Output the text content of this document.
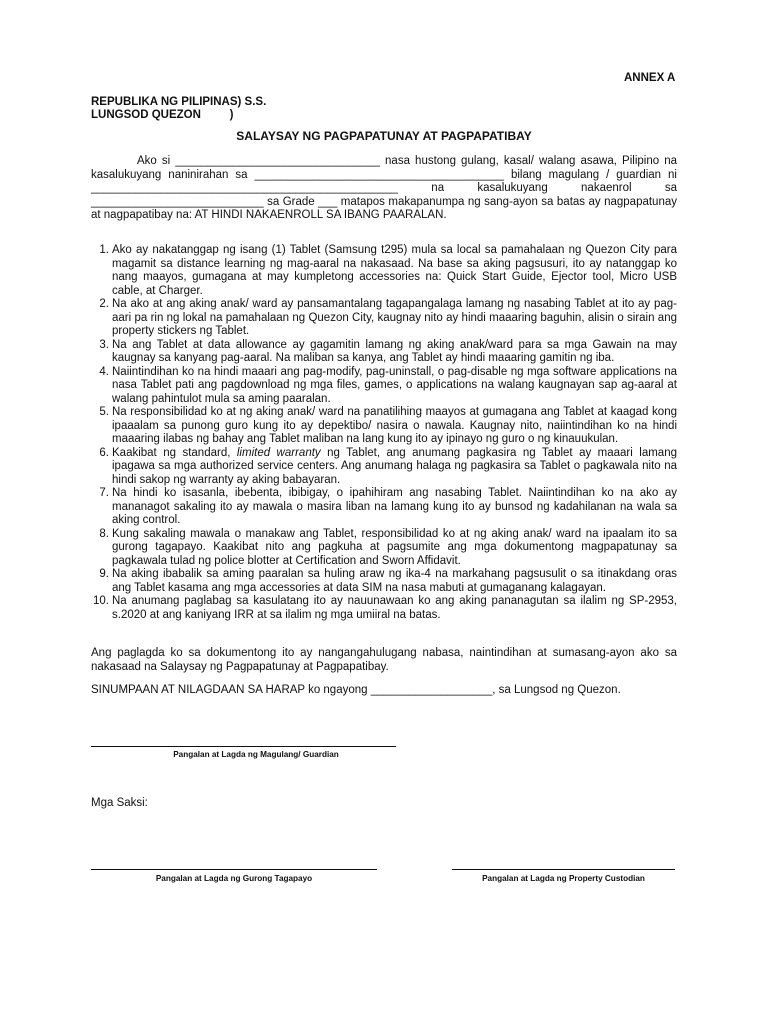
ANNEX A
REPUBLIKA NG PILIPINAS) S.S.
LUNGSOD QUEZON         )
SALAYSAY NG PAGPAPATUNAY AT PAGPAPATIBAY
Ako si ________________________________ nasa hustong gulang, kasal/ walang asawa, Pilipino na kasalukuyang naninirahan sa _______________________________________ bilang magulang / guardian ni ________________________________________________ na kasalukuyang nakaenrol sa ___________________________ sa Grade ___ matapos makapanumpa ng sang-ayon sa batas ay nagpapatunay at nagpapatibay na: AT HINDI NAKAENROLL SA IBANG PAARALAN.
1. Ako ay nakatanggap ng isang (1) Tablet (Samsung t295) mula sa local sa pamahalaan ng Quezon City para magamit sa distance learning ng mag-aaral na nakasaad. Na base sa aking pagsusuri, ito ay natanggap ko nang maayos, gumagana at may kumpletong accessories na: Quick Start Guide, Ejector tool, Micro USB cable, at Charger.
2. Na ako at ang aking anak/ ward ay pansamantalang tagapangalaga lamang ng nasabing Tablet at ito ay pag-aari pa rin ng lokal na pamahalaan ng Quezon City, kaugnay nito ay hindi maaaring baguhin, alisin o sirain ang property stickers ng Tablet.
3. Na ang Tablet at data allowance ay gagamitin lamang ng aking anak/ward para sa mga Gawain na may kaugnay sa kanyang pag-aaral. Na maliban sa kanya, ang Tablet ay hindi maaaring gamitin ng iba.
4. Naiintindihan ko na hindi maaari ang pag-modify, pag-uninstall, o pag-disable ng mga software applications na nasa Tablet pati ang pagdownload ng mga files, games, o applications na walang kaugnayan sap ag-aaral at walang pahintulot mula sa aming paaralan.
5. Na responsibilidad ko at ng aking anak/ ward na panatilihing maayos at gumagana ang Tablet at kaagad kong ipaaalam sa punong guro kung ito ay depektibo/ nasira o nawala. Kaugnay nito, naiintindihan ko na hindi maaaring ilabas ng bahay ang Tablet maliban na lang kung ito ay ipinayo ng guro o ng kinauukulan.
6. Kaakibat ng standard, limited warranty ng Tablet, ang anumang pagkasira ng Tablet ay maaari lamang ipagawa sa mga authorized service centers. Ang anumang halaga ng pagkasira sa Tablet o pagkawala nito na hindi sakop ng warranty ay aking babayaran.
7. Na hindi ko isasanla, ibebenta, ibibigay, o ipahihiram ang nasabing Tablet. Naiintindihan ko na ako ay mananagot sakaling ito ay mawala o masira liban na lamang kung ito ay bunsod ng kadahilanan na wala sa aking control.
8. Kung sakaling mawala o manakaw ang Tablet, responsibilidad ko at ng aking anak/ ward na ipaalam ito sa gurong tagapayo. Kaakibat nito ang pagkuha at pagsumite ang mga dokumentong magpapatunay sa pagkawala tulad ng police blotter at Certification and Sworn Affidavit.
9. Na aking ibabalik sa aming paaralan sa huling araw ng ika-4 na markahang pagsusulit o sa itinakdang oras ang Tablet kasama ang mga accessories at data SIM na nasa mabuti at gumaganang kalagayan.
10. Na anumang paglabag sa kasulatang ito ay nauunawaan ko ang aking pananagutan sa ilalim ng SP-2953, s.2020 at ang kaniyang IRR at sa ilalim ng mga umiiral na batas.
Ang paglagda ko sa dokumentong ito ay nangangahulugang nabasa, naintindihan at sumasang-ayon ako sa nakasaad na Salaysay ng Pagpapatunay at Pagpapatibay.
SINUMPAAN AT NILAGDAAN SA HARAP ko ngayong ___________________, sa Lungsod ng Quezon.
Pangalan at Lagda ng Magulang/ Guardian
Mga Saksi:
Pangalan at Lagda ng Gurong Tagapayo	Pangalan at Lagda ng Property Custodian
